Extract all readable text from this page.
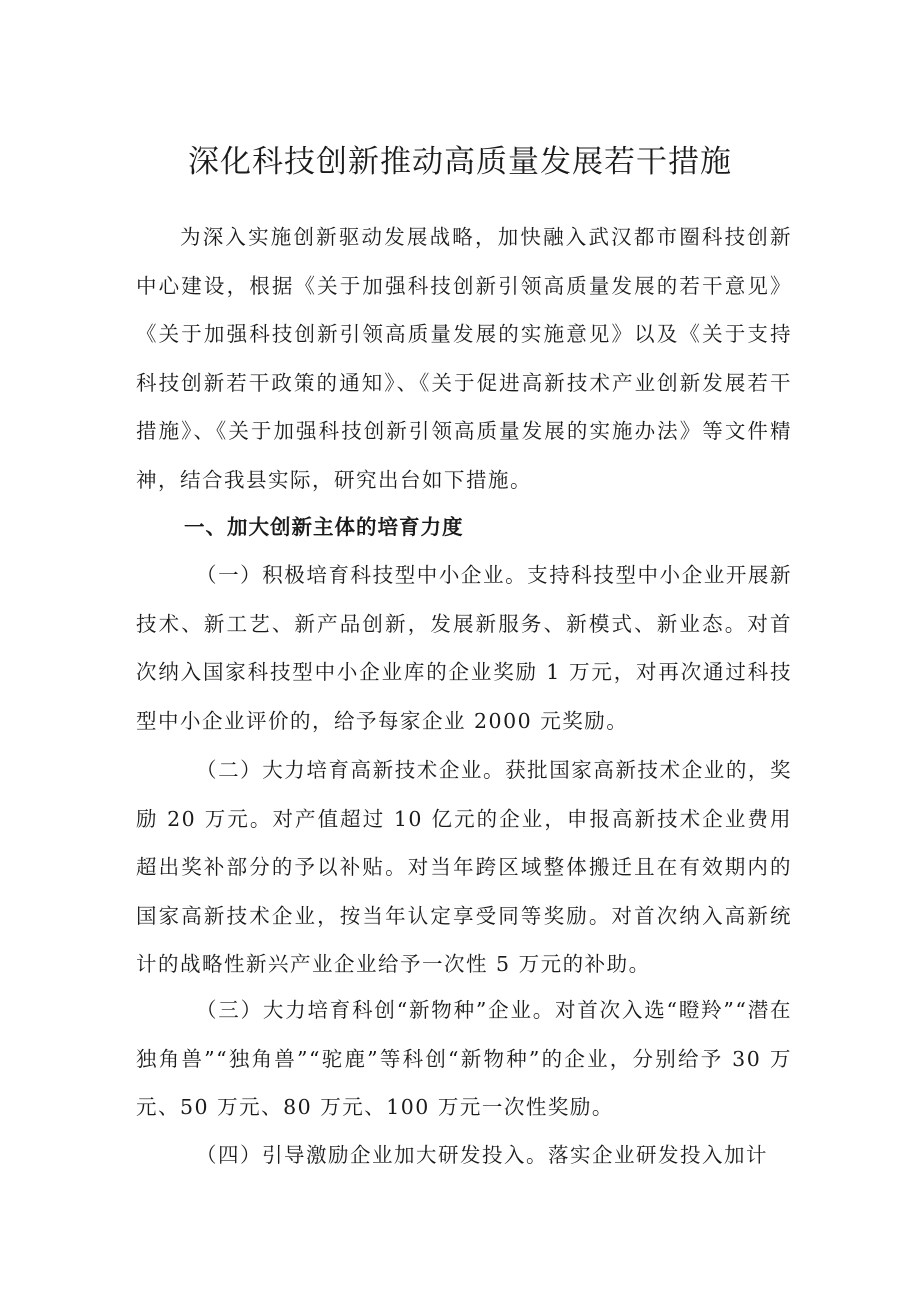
深化科技创新推动高质量发展若干措施

为深入实施创新驱动发展战略，加快融入武汉都市圈科技创新中心建设，根据《关于加强科技创新引领高质量发展的若干意见》《关于加强科技创新引领高质量发展的实施意见》以及《关于支持科技创新若干政策的通知》、《关于促进高新技术产业创新发展若干措施》、《关于加强科技创新引领高质量发展的实施办法》等文件精神，结合我县实际，研究出台如下措施。

一、加大创新主体的培育力度

（一）积极培育科技型中小企业。支持科技型中小企业开展新技术、新工艺、新产品创新，发展新服务、新模式、新业态。对首次纳入国家科技型中小企业库的企业奖励 1 万元，对再次通过科技型中小企业评价的，给予每家企业 2000 元奖励。

（二）大力培育高新技术企业。获批国家高新技术企业的，奖励 20 万元。对产值超过 10 亿元的企业，申报高新技术企业费用超出奖补部分的予以补贴。对当年跨区域整体搬迁且在有效期内的国家高新技术企业，按当年认定享受同等奖励。对首次纳入高新统计的战略性新兴产业企业给予一次性 5 万元的补助。

（三）大力培育科创“新物种”企业。对首次入选“瞪羚”“潜在独角兽”“独角兽”“驼鹿”等科创“新物种”的企业，分别给予 30 万元、50 万元、80 万元、100 万元一次性奖励。

（四）引导激励企业加大研发投入。落实企业研发投入加计
